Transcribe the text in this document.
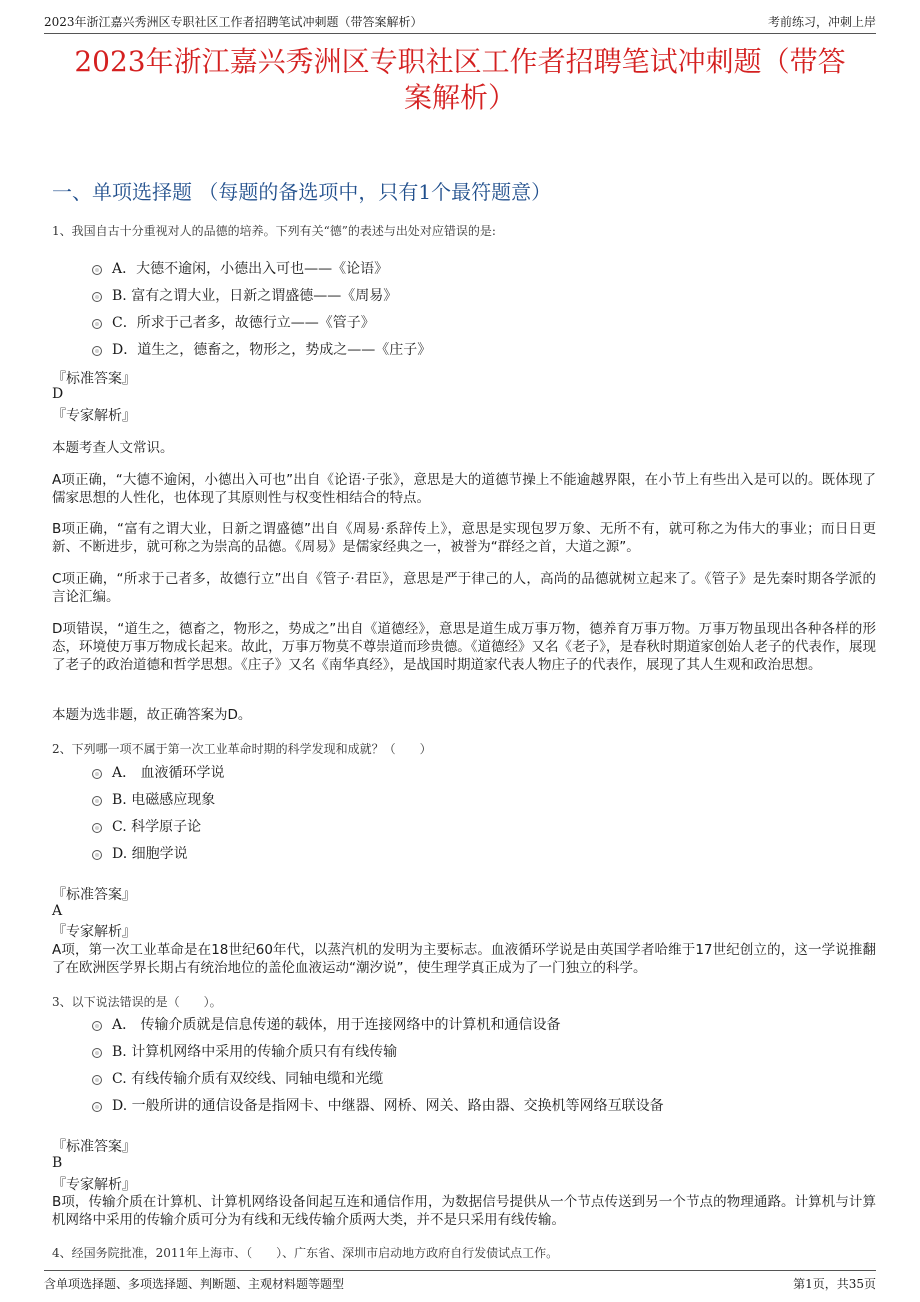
2023年浙江嘉兴秀洲区专职社区工作者招聘笔试冲刺题（带答案解析）	考前练习，冲刺上岸
2023年浙江嘉兴秀洲区专职社区工作者招聘笔试冲刺题（带答
案解析）
一、单项选择题 （每题的备选项中，只有1个最符题意）
1、我国自古十分重视对人的品德的培养。下列有关“德”的表述与出处对应错误的是:
A．大德不逾闲，小德出入可也——《论语》
B. 富有之谓大业，日新之谓盛德——《周易》
C．所求于己者多，故德行立——《管子》
D．道生之，德畜之，物形之，势成之——《庄子》
『标准答案』
D
『专家解析』
本题考查人文常识。
A项正确，“大德不逾闲，小德出入可也”出自《论语·子张》，意思是大的道德节操上不能逾越界限，在小节上有些出入是可以的。既体现了儒家思想的人性化，也体现了其原则性与权变性相结合的特点。
B项正确，“富有之谓大业，日新之谓盛德”出自《周易·系辞传上》，意思是实现包罗万象、无所不有，就可称之为伟大的事业；而日日更新、不断进步，就可称之为崇高的品德。《周易》是儒家经典之一，被誉为“群经之首，大道之源”。
C项正确，“所求于己者多，故德行立”出自《管子·君臣》，意思是严于律己的人，高尚的品德就树立起来了。《管子》是先秦时期各学派的言论汇编。
D项错误，“道生之，德畜之，物形之，势成之”出自《道德经》，意思是道生成万事万物，德养育万事万物。万事万物虽现出各种各样的形态，环境使万事万物成长起来。故此，万事万物莫不尊崇道而珍贵德。《道德经》又名《老子》，是春秋时期道家创始人老子的代表作，展现了老子的政治道德和哲学思想。《庄子》又名《南华真经》，是战国时期道家代表人物庄子的代表作，展现了其人生观和政治思想。
本题为选非题，故正确答案为D。
2、下列哪一项不属于第一次工业革命时期的科学发现和成就？（　　）
A． 血液循环学说
B. 电磁感应现象
C. 科学原子论
D. 细胞学说
『标准答案』
A
『专家解析』
A项，第一次工业革命是在18世纪60年代，以蒸汽机的发明为主要标志。血液循环学说是由英国学者哈维于17世纪创立的，这一学说推翻了在欧洲医学界长期占有统治地位的盖伦血液运动“潮汐说”，使生理学真正成为了一门独立的科学。
3、以下说法错误的是（　　）。
A． 传输介质就是信息传递的载体，用于连接网络中的计算机和通信设备
B. 计算机网络中采用的传输介质只有有线传输
C. 有线传输介质有双绞线、同轴电缆和光缆
D. 一般所讲的通信设备是指网卡、中继器、网桥、网关、路由器、交换机等网络互联设备
『标准答案』
B
『专家解析』
B项，传输介质在计算机、计算机网络设备间起互连和通信作用，为数据信号提供从一个节点传送到另一个节点的物理通路。计算机与计算机网络中采用的传输介质可分为有线和无线传输介质两大类，并不是只采用有线传输。
4、经国务院批准，2011年上海市、（　　）、广东省、深圳市启动地方政府自行发债试点工作。
含单项选择题、多项选择题、判断题、主观材料题等题型	第1页，共35页
